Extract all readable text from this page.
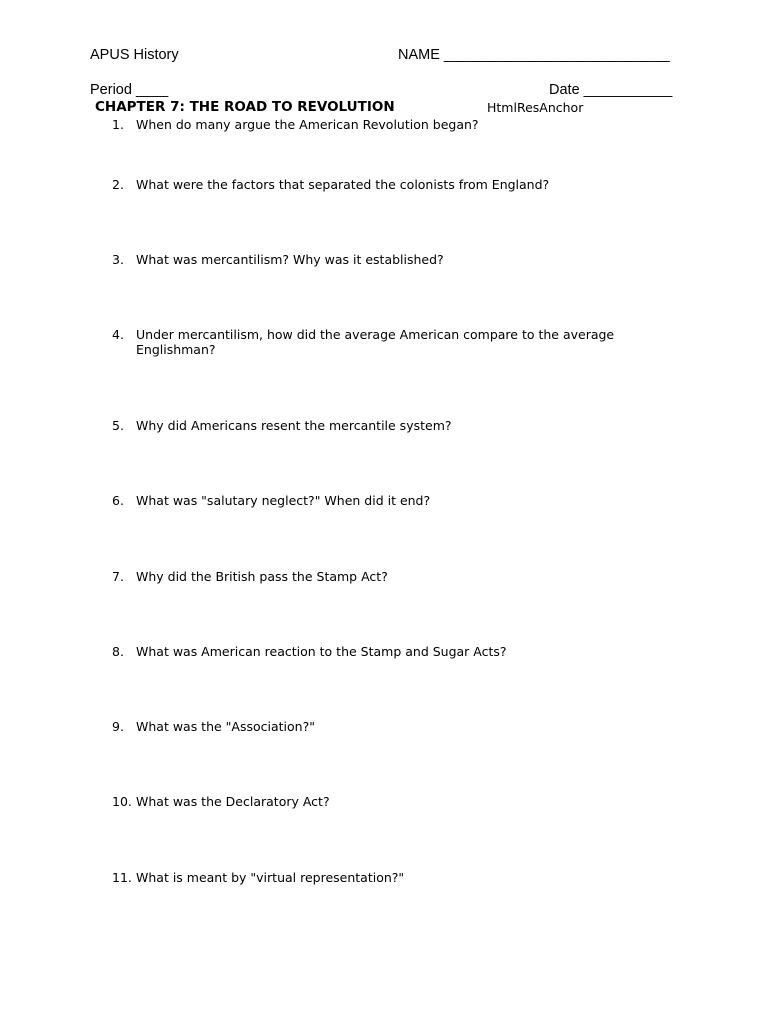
APUS History	NAME ____________________________
Period ____	Date ___________
CHAPTER 7: THE ROAD TO REVOLUTION	HtmlResAnchor
1. When do many argue the American Revolution began?
2. What were the factors that separated the colonists from England?
3. What was mercantilism? Why was it established?
4. Under mercantilism, how did the average American compare to the average Englishman?
5. Why did Americans resent the mercantile system?
6. What was "salutary neglect?" When did it end?
7. Why did the British pass the Stamp Act?
8. What was American reaction to the Stamp and Sugar Acts?
9. What was the "Association?"
10. What was the Declaratory Act?
11. What is meant by "virtual representation?"
